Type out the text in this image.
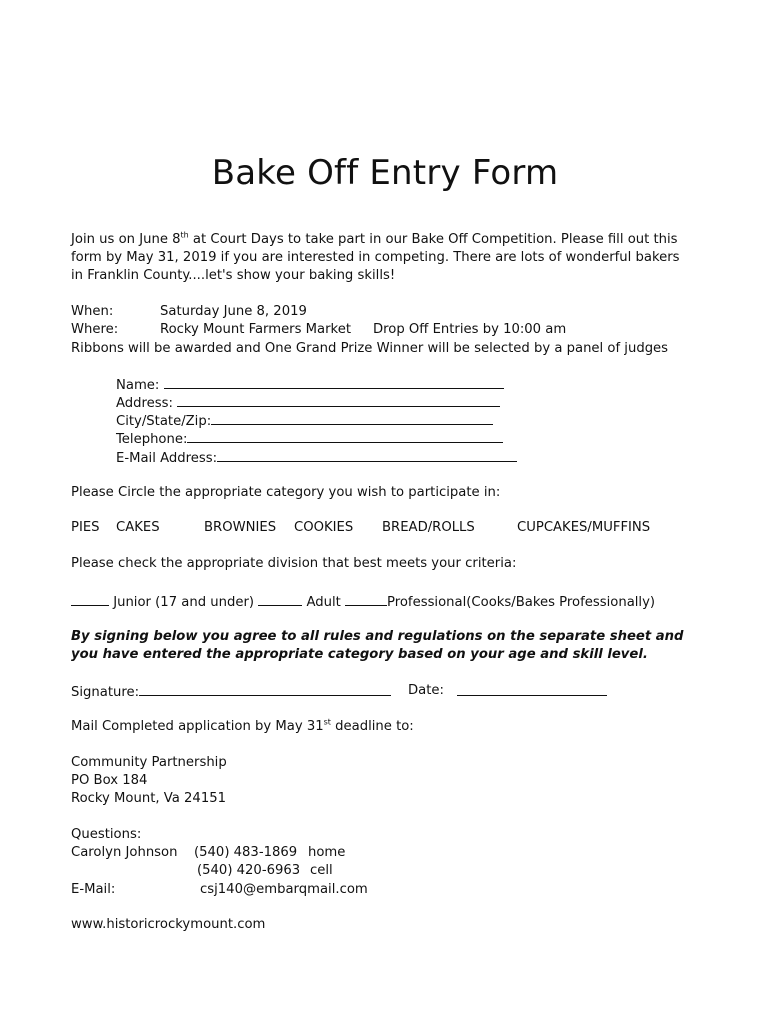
Bake Off Entry Form
Join us on June 8th at Court Days to take part in our Bake Off Competition. Please fill out this form by May 31, 2019 if you are interested in competing. There are lots of wonderful bakers in Franklin County....let's show your baking skills!
When:	Saturday June 8, 2019
Where:	Rocky Mount Farmers Market Drop Off Entries by 10:00 am
Ribbons will be awarded and One Grand Prize Winner will be selected by a panel of judges
Name:
Address:
City/State/Zip:
Telephone:
E-Mail Address:
Please Circle the appropriate category you wish to participate in:
PIES CAKES	BROWNIES COOKIES BREAD/ROLLS	CUPCAKES/MUFFINS
Please check the appropriate division that best meets your criteria:
Junior (17 and under)	Adult	Professional(Cooks/Bakes Professionally)
By signing below you agree to all rules and regulations on the separate sheet and you have entered the appropriate category based on your age and skill level.
Signature:	Date:
Mail Completed application by May 31st deadline to:
Community Partnership
PO Box 184
Rocky Mount, Va 24151
Questions:
Carolyn Johnson (540) 483-1869 home
(540) 420-6963 cell
E-Mail:	csj140@embarqmail.com
www.historicrockymount.com
